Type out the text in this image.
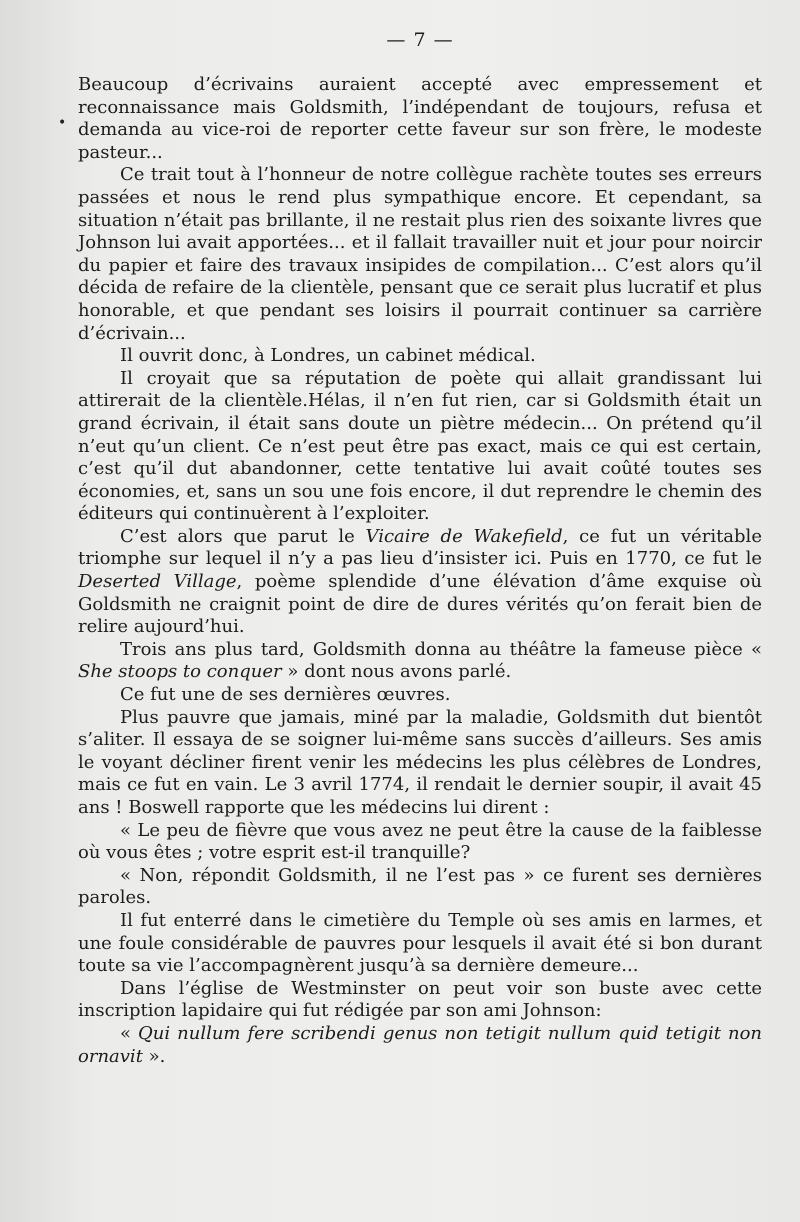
— 7 —
•

Beaucoup d’écrivains auraient accepté avec empressement et reconnaissance mais Goldsmith, l’indépendant de toujours, refusa et demanda au vice-roi de reporter cette faveur sur son frère, le modeste pasteur...

Ce trait tout à l’honneur de notre collègue rachète toutes ses erreurs passées et nous le rend plus sympathique encore. Et cependant, sa situation n’était pas brillante, il ne restait plus rien des soixante livres que Johnson lui avait apportées... et il fallait travailler nuit et jour pour noircir du papier et faire des travaux insipides de compilation... C’est alors qu’il décida de refaire de la clientèle, pensant que ce serait plus lucratif et plus honorable, et que pendant ses loisirs il pourrait continuer sa carrière d’écrivain...

Il ouvrit donc, à Londres, un cabinet médical.

Il croyait que sa réputation de poète qui allait grandissant lui attirerait de la clientèle.Hélas, il n’en fut rien, car si Goldsmith était un grand écrivain, il était sans doute un piètre médecin... On prétend qu’il n’eut qu’un client. Ce n’est peut être pas exact, mais ce qui est certain, c’est qu’il dut abandonner, cette tentative lui avait coûté toutes ses économies, et, sans un sou une fois encore, il dut reprendre le chemin des éditeurs qui continuèrent à l’exploiter.

C’est alors que parut le Vicaire de Wakefield, ce fut un véritable triomphe sur lequel il n’y a pas lieu d’insister ici. Puis en 1770, ce fut le Deserted Village, poème splendide d’une élévation d’âme exquise où Goldsmith ne craignit point de dire de dures vérités qu’on ferait bien de relire aujourd’hui.

Trois ans plus tard, Goldsmith donna au théâtre la fameuse pièce « She stoops to conquer » dont nous avons parlé.

Ce fut une de ses dernières œuvres.

Plus pauvre que jamais, miné par la maladie, Goldsmith dut bientôt s’aliter. Il essaya de se soigner lui-même sans succès d’ailleurs. Ses amis le voyant décliner firent venir les médecins les plus célèbres de Londres, mais ce fut en vain. Le 3 avril 1774, il rendait le dernier soupir, il avait 45 ans ! Boswell rapporte que les médecins lui dirent :

« Le peu de fièvre que vous avez ne peut être la cause de la faiblesse où vous êtes ; votre esprit est-il tranquille?

« Non, répondit Goldsmith, il ne l’est pas » ce furent ses dernières paroles.

Il fut enterré dans le cimetière du Temple où ses amis en larmes, et une foule considérable de pauvres pour lesquels il avait été si bon durant toute sa vie l’accompagnèrent jusqu’à sa dernière demeure...

Dans l’église de Westminster on peut voir son buste avec cette inscription lapidaire qui fut rédigée par son ami Johnson:

« Qui nullum fere scribendi genus non tetigit nullum quid tetigit non ornavit ».
